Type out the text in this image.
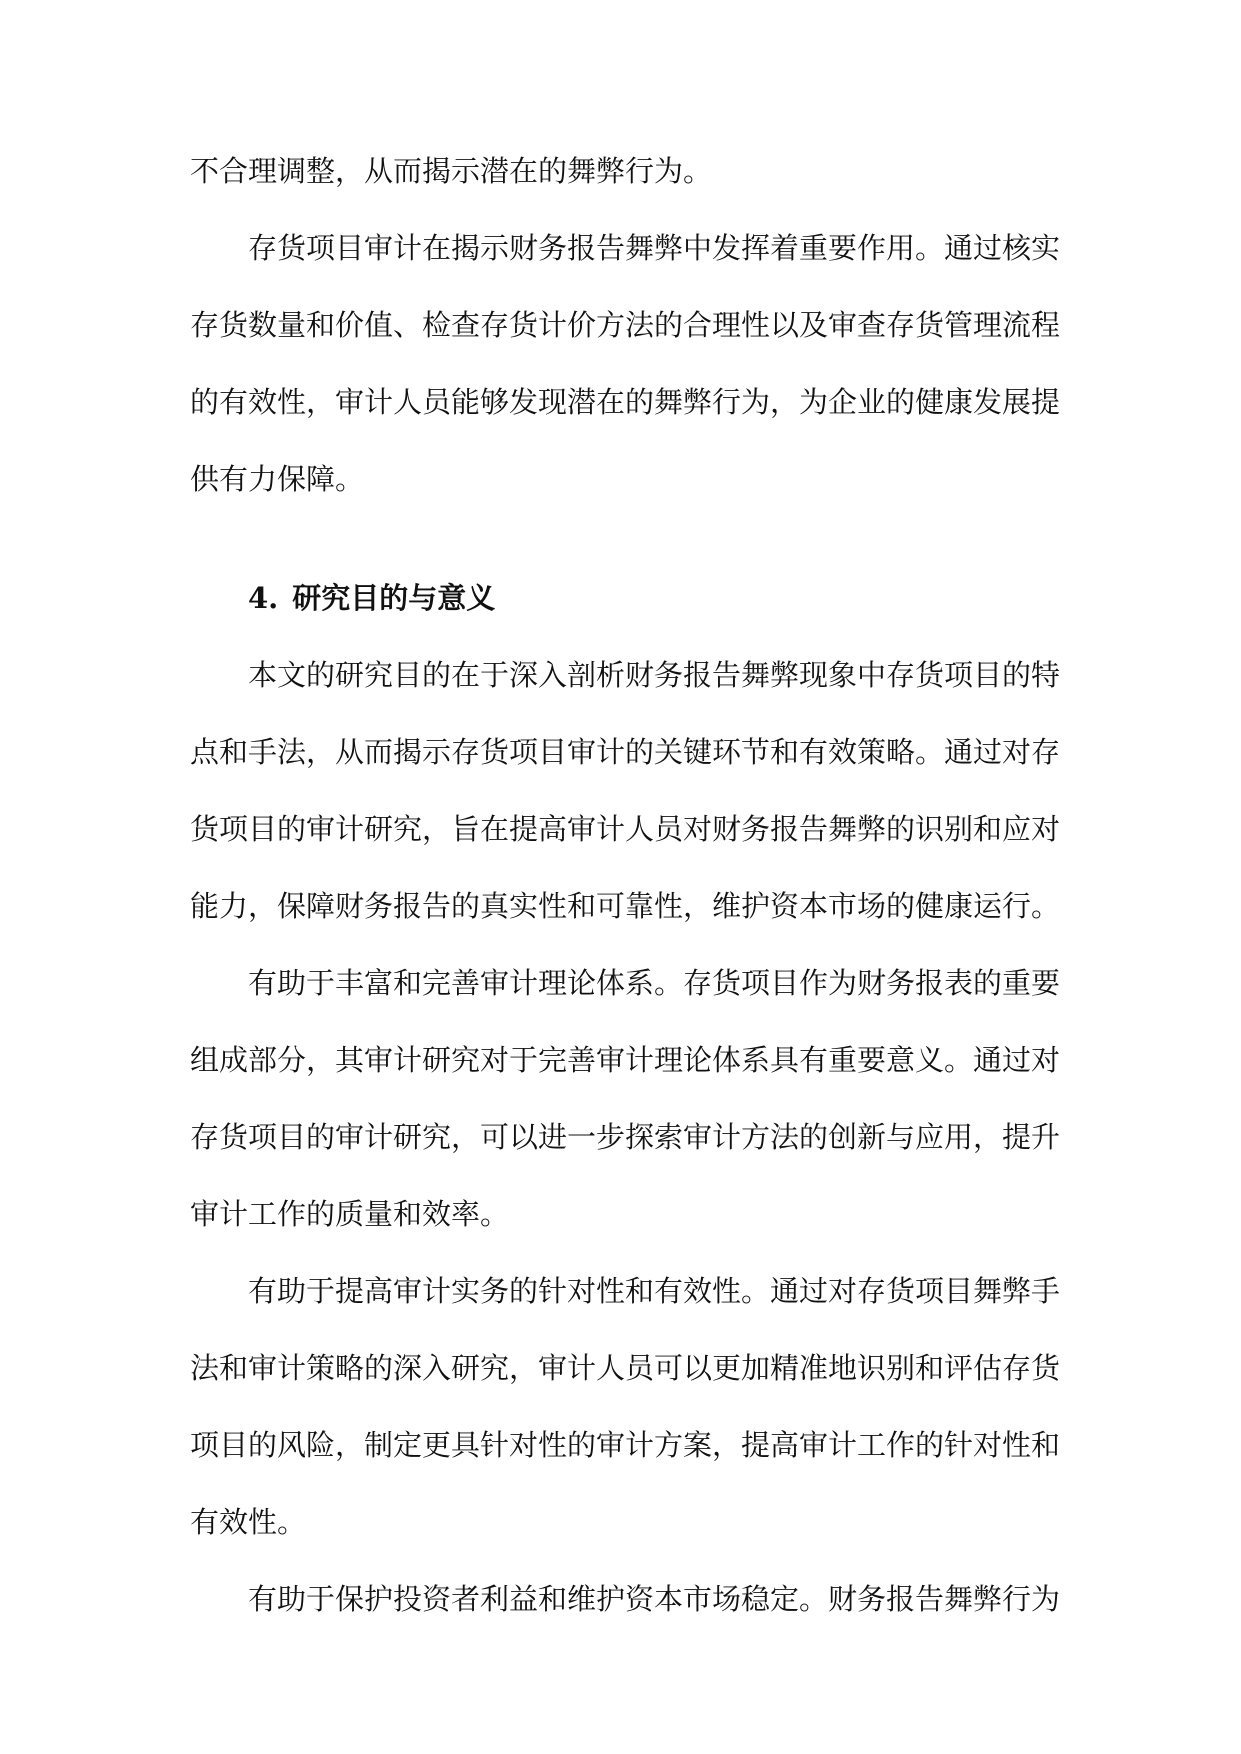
不合理调整，从而揭示潜在的舞弊行为。

存货项目审计在揭示财务报告舞弊中发挥着重要作用。通过核实存货数量和价值、检查存货计价方法的合理性以及审查存货管理流程的有效性，审计人员能够发现潜在的舞弊行为，为企业的健康发展提供有力保障。

4. 研究目的与意义

本文的研究目的在于深入剖析财务报告舞弊现象中存货项目的特点和手法，从而揭示存货项目审计的关键环节和有效策略。通过对存货项目的审计研究，旨在提高审计人员对财务报告舞弊的识别和应对能力，保障财务报告的真实性和可靠性，维护资本市场的健康运行。

有助于丰富和完善审计理论体系。存货项目作为财务报表的重要组成部分，其审计研究对于完善审计理论体系具有重要意义。通过对存货项目的审计研究，可以进一步探索审计方法的创新与应用，提升审计工作的质量和效率。

有助于提高审计实务的针对性和有效性。通过对存货项目舞弊手法和审计策略的深入研究，审计人员可以更加精准地识别和评估存货项目的风险，制定更具针对性的审计方案，提高审计工作的针对性和有效性。

有助于保护投资者利益和维护资本市场稳定。财务报告舞弊行为
